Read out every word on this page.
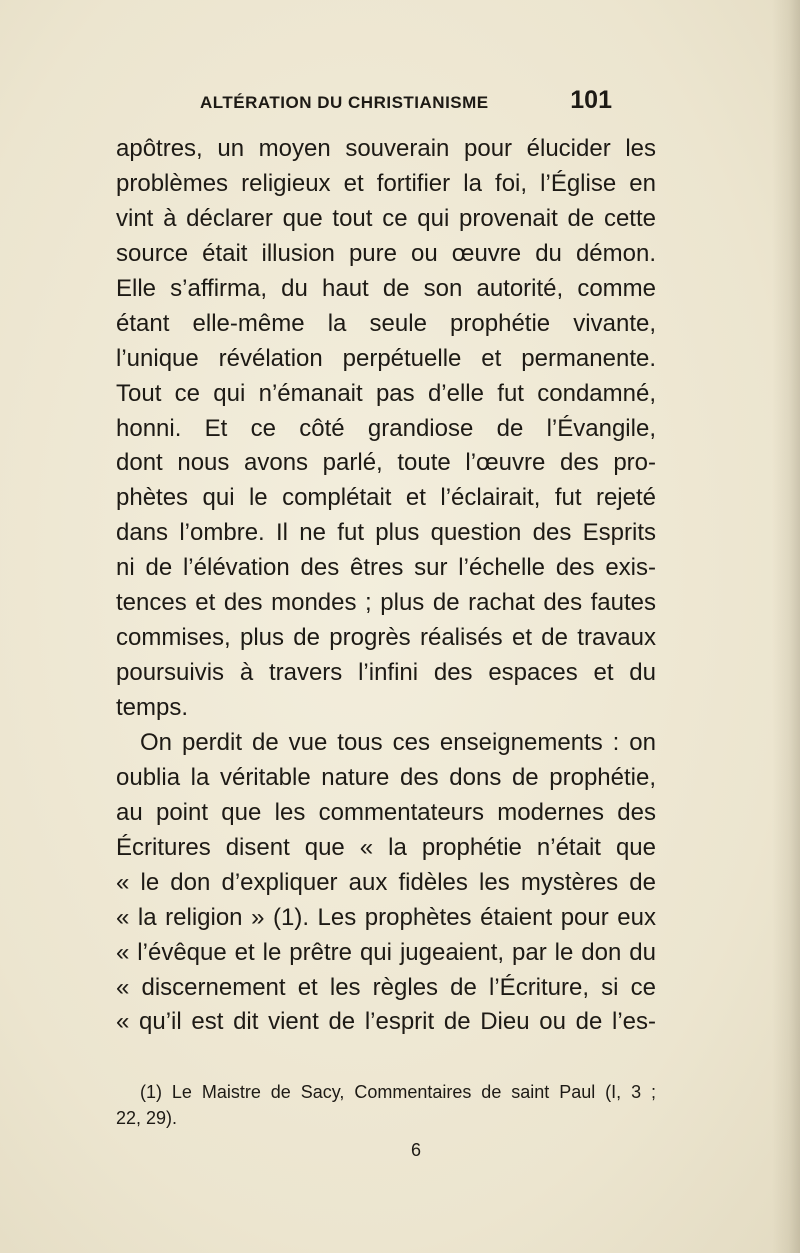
ALTÉRATION DU CHRISTIANISME	101
apôtres, un moyen souverain pour élucider les
problèmes religieux et fortifier la foi, l’Église en
vint à déclarer que tout ce qui provenait de cette
source était illusion pure ou œuvre du démon.
Elle s’affirma, du haut de son autorité, comme
étant elle-même la seule prophétie vivante,
l’unique révélation perpétuelle et permanente.
Tout ce qui n’émanait pas d’elle fut condamné,
honni. Et ce côté grandiose de l’Évangile,
dont nous avons parlé, toute l’œuvre des pro-
phètes qui le complétait et l’éclairait, fut rejeté
dans l’ombre. Il ne fut plus question des Esprits
ni de l’élévation des êtres sur l’échelle des exis-
tences et des mondes ; plus de rachat des fautes
commises, plus de progrès réalisés et de travaux
poursuivis à travers l’infini des espaces et du
temps.
On perdit de vue tous ces enseignements : on
oublia la véritable nature des dons de prophétie,
au point que les commentateurs modernes des
Écritures disent que « la prophétie n’était que
« le don d’expliquer aux fidèles les mystères de
« la religion » (1). Les prophètes étaient pour eux
« l’évêque et le prêtre qui jugeaient, par le don du
« discernement et les règles de l’Écriture, si ce
« qu’il est dit vient de l’esprit de Dieu ou de l’es-
(1) Le Maistre de Sacy, Commentaires de saint Paul (I, 3 ;
22, 29).
6
